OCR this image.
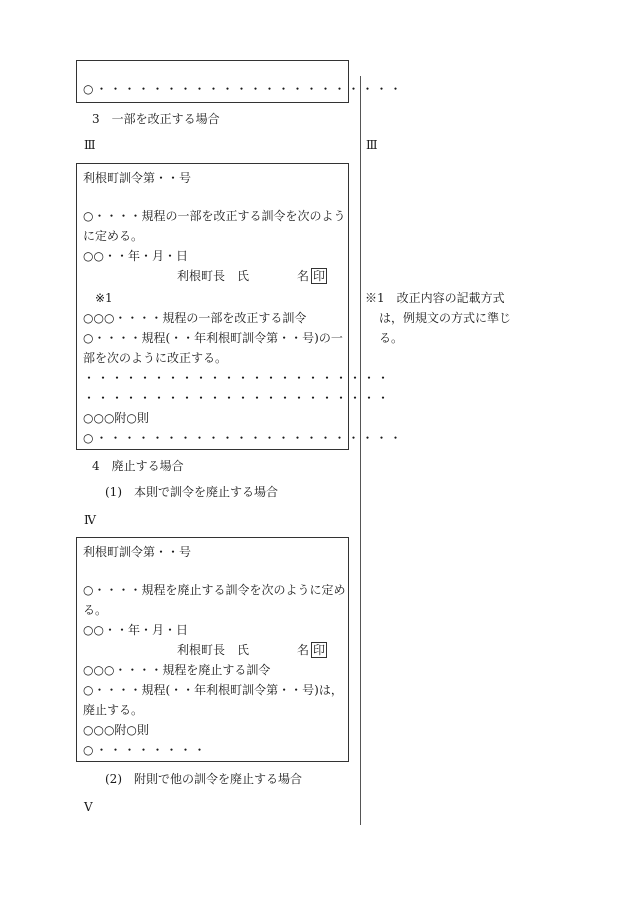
○・・・・・・・・・・・・・・・・・・・・・・
3　一部を改正する場合
Ⅲ	Ⅲ
利根町訓令第・・号
○・・・・規程の一部を改正する訓令を次のよう
に定める。
○○・・年・月・日
利根町長　氏　　　　名 印
※1
○○○・・・・規程の一部を改正する訓令
○・・・・規程(・・年利根町訓令第・・号)の一
部を次のように改正する。
・・・・・・・・・・・・・・・・・・・・・・
・・・・・・・・・・・・・・・・・・・・・・
○○○附○則
○・・・・・・・・・・・・・・・・・・・・・・
※1　改正内容の記載方式は，例規文の方式に準じる。
4　廃止する場合
(1)　本則で訓令を廃止する場合
Ⅳ
利根町訓令第・・号
○・・・・規程を廃止する訓令を次のように定め
る。
○○・・年・月・日
利根町長　氏　　　　名 印
○○○・・・・規程を廃止する訓令
○・・・・規程(・・年利根町訓令第・・号)は，
廃止する。
○○○附○則
○・・・・・・・・
(2)　附則で他の訓令を廃止する場合
Ⅴ
